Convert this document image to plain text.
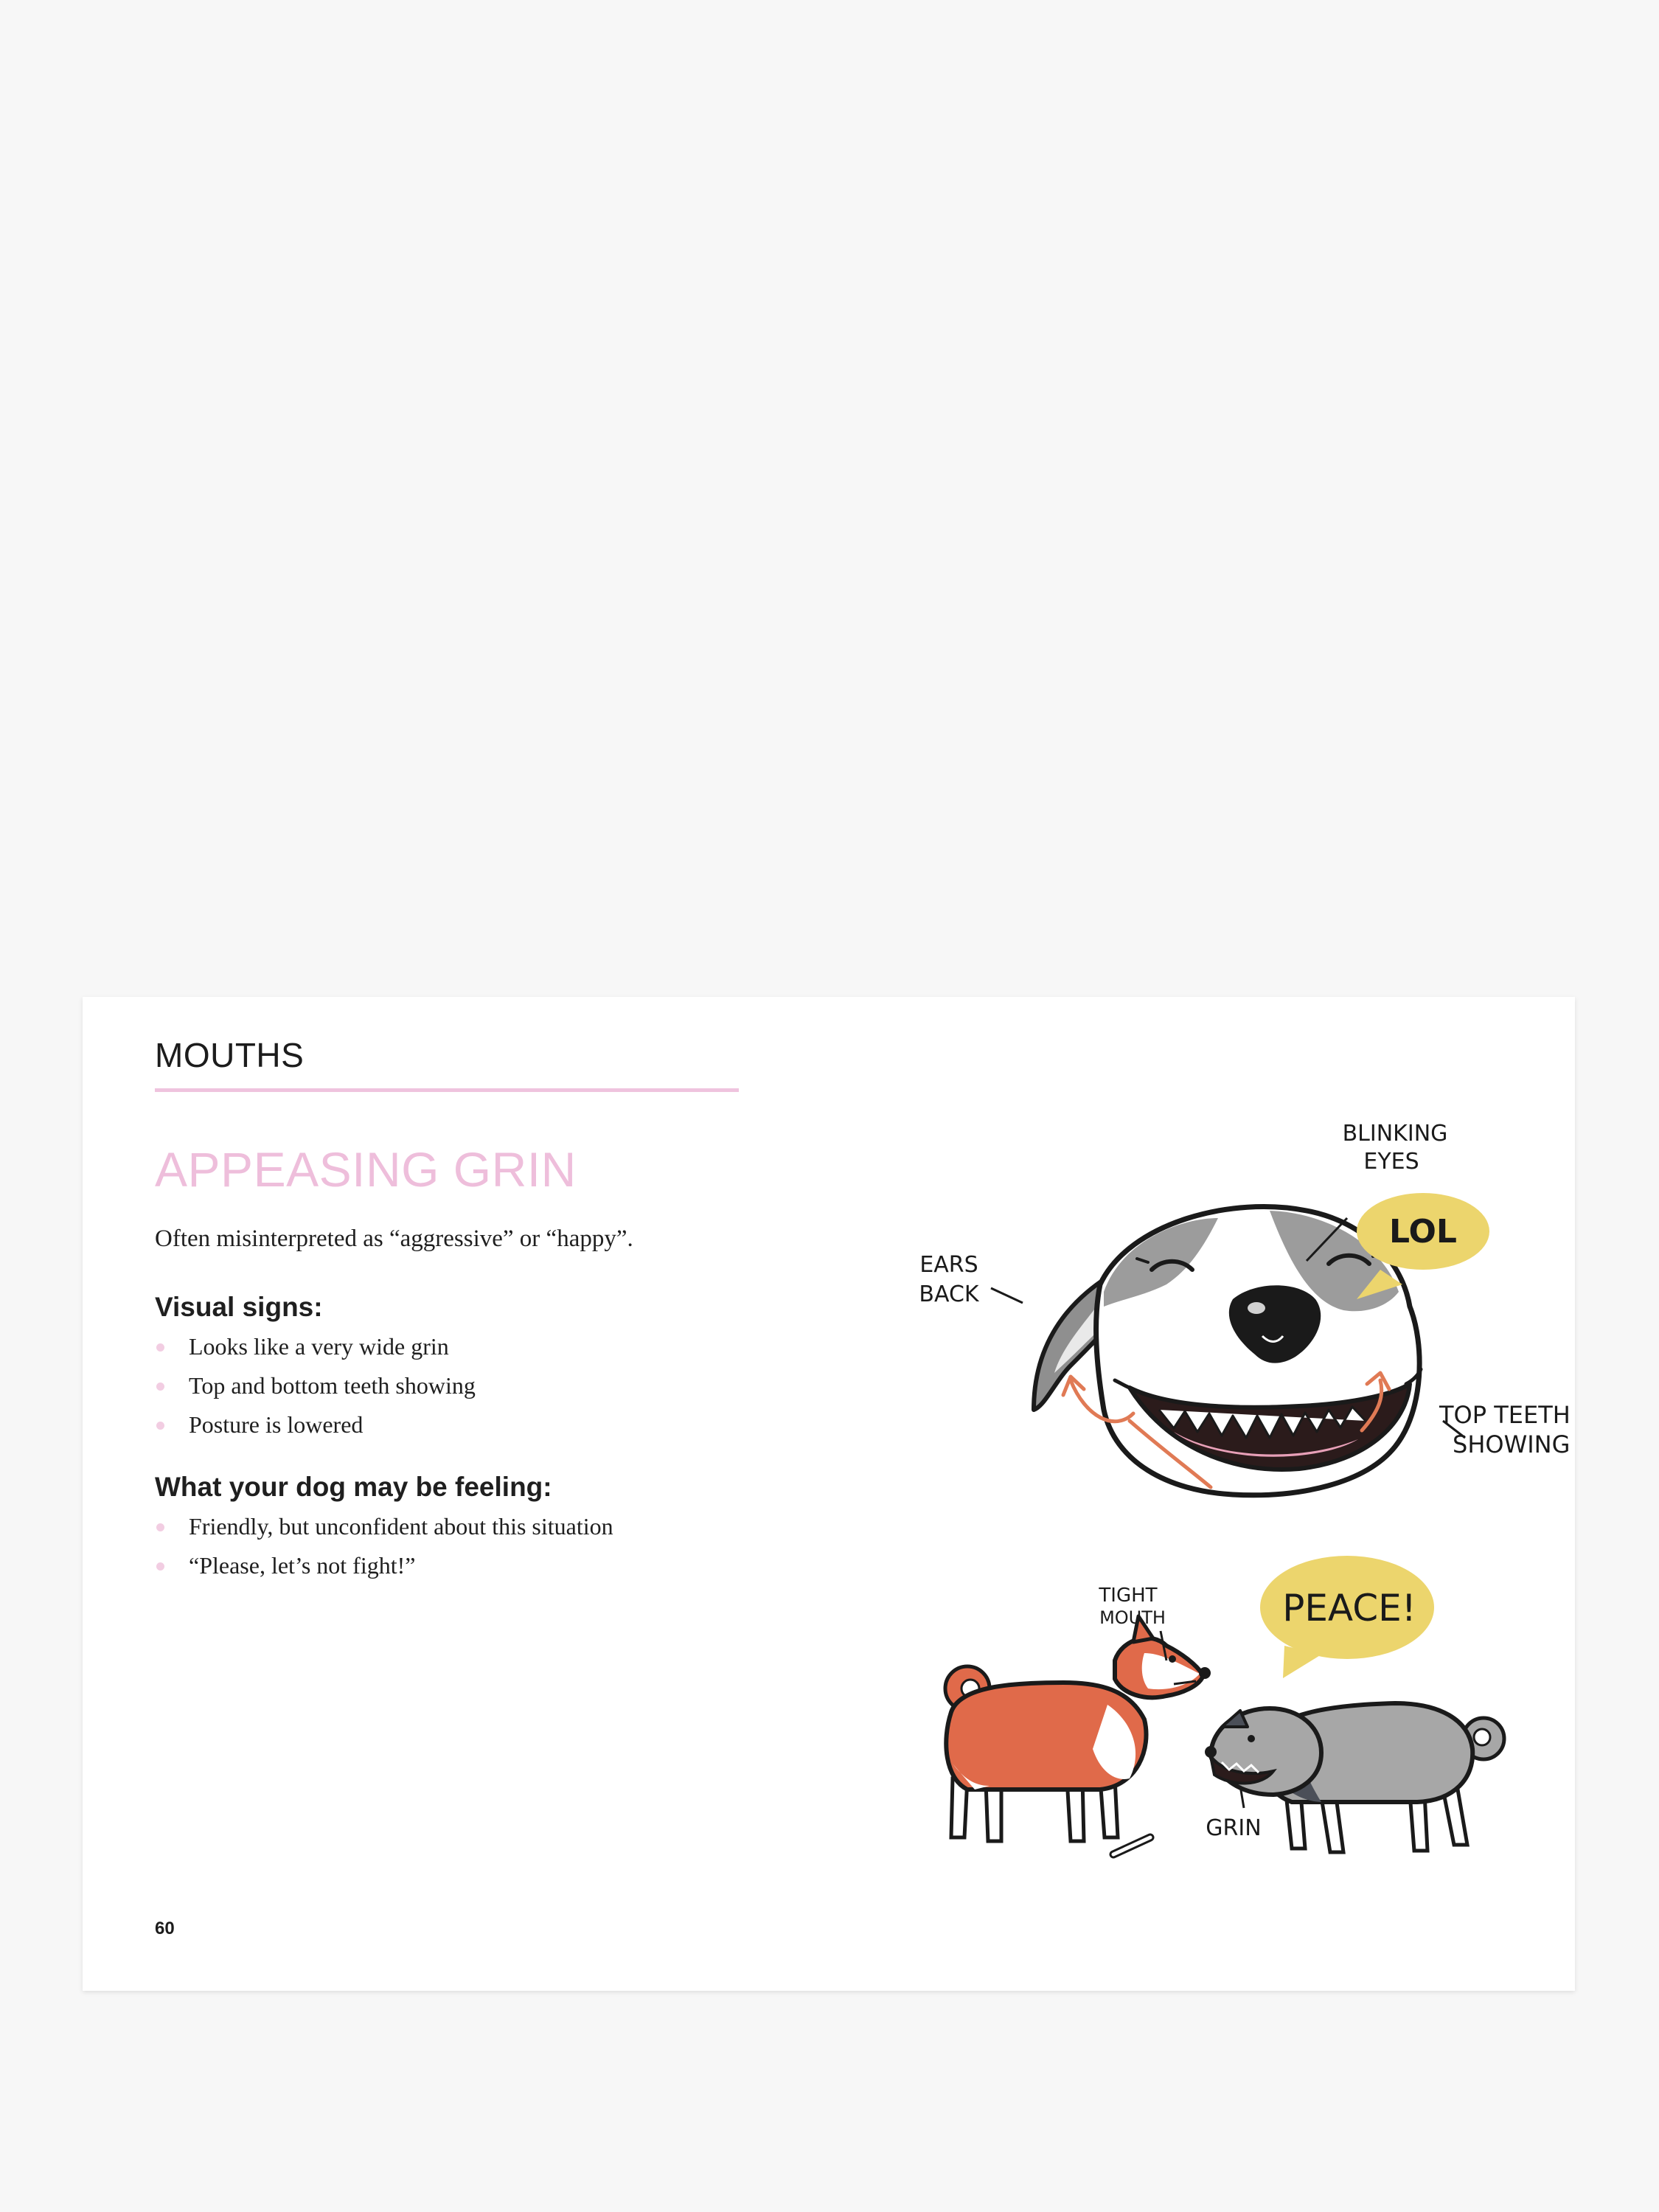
MOUTHS
APPEASING GRIN
Often misinterpreted as “aggressive” or “happy”.
Visual signs:
Looks like a very wide grin
Top and bottom teeth showing
Posture is lowered
What your dog may be feeling:
Friendly, but unconfident about this situation
“Please, let’s not fight!”
60
LOL
BLINKING
EYES
EARS
BACK
TOP TEETH
SHOWING
PEACE!
TIGHT
MOUTH
GRIN
